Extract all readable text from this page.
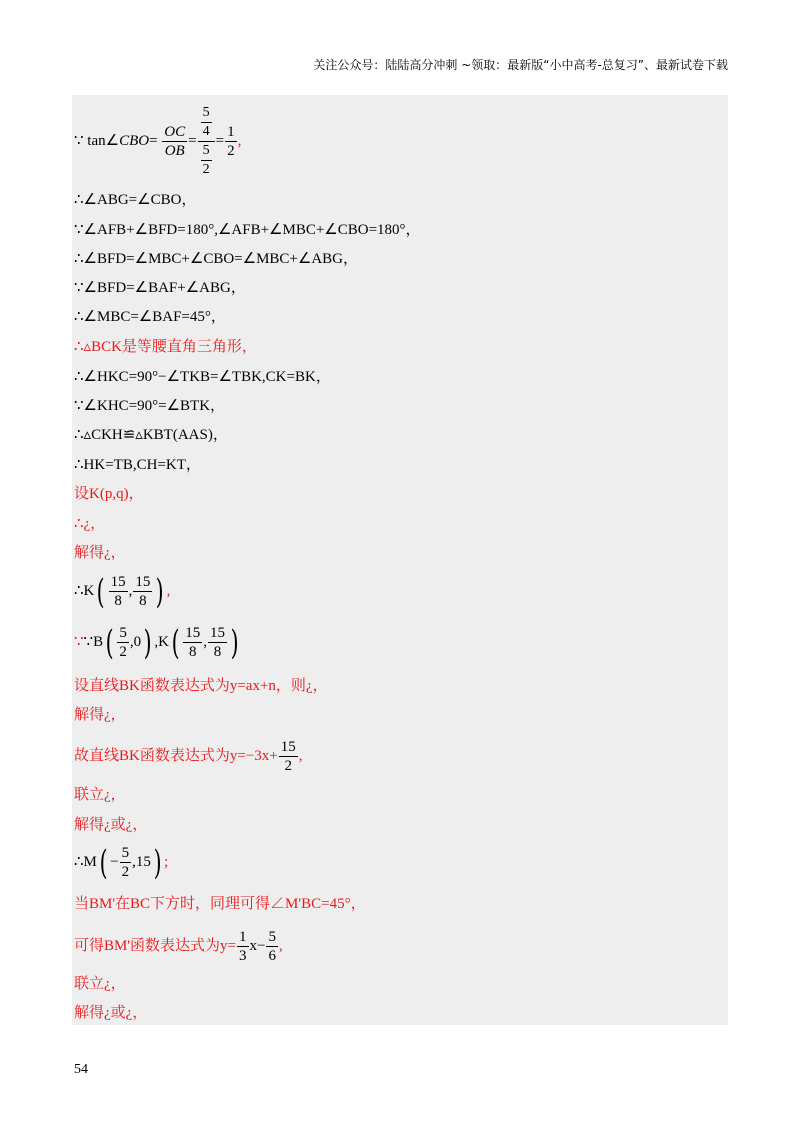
关注公众号：陆陆高分冲刺 ~领取：最新版“小中高考-总复习”、最新试卷下载
∵ tan∠CBO= $\frac{OC}{OB} = \frac{\frac{5}{4}}{\frac{5}{2}} = \frac{1}{2}$ ,
∴∠ABG=∠CBO，
∵∠AFB+∠BFD=180°,∠AFB+∠MBC+∠CBO=180°，
∴∠BFD=∠MBC+∠CBO=∠MBC+∠ABG，
∵∠BFD=∠BAF+∠ABG，
∴∠MBC=∠BAF=45°，
∴▵BCK是等腰直角三角形，
∴∠HKC=90°−∠TKB=∠TBK,CK=BK，
∵∠KHC=90°=∠BTK，
∴▵CKH≌▵KBT(AAS)，
∴HK=TB,CH=KT，
设K(p,q)，
∴¿，
解得¿，
∴K( $\frac{15}{8}$ , $\frac{15}{8}$ ) ,
∵∵B( $\frac{5}{2} ,0$) $,K( \frac{15}{8}$ , $\frac{15}{8}$ )
设直线BK函数表达式为y=ax+n，则¿，
解得¿，
故直线BK函数表达式为$y=-3x+ \frac{15}{2}$ ,
联立¿，
解得¿或¿，
∴M( − $\frac{5}{2} ,15$) ;
当BM'在BC下方时，同理可得∠M'BC=45°，
可得BM'函数表达式为$y= \frac{1}{3} x- \frac{5}{6}$ ,
联立¿，
解得¿或¿，
54
